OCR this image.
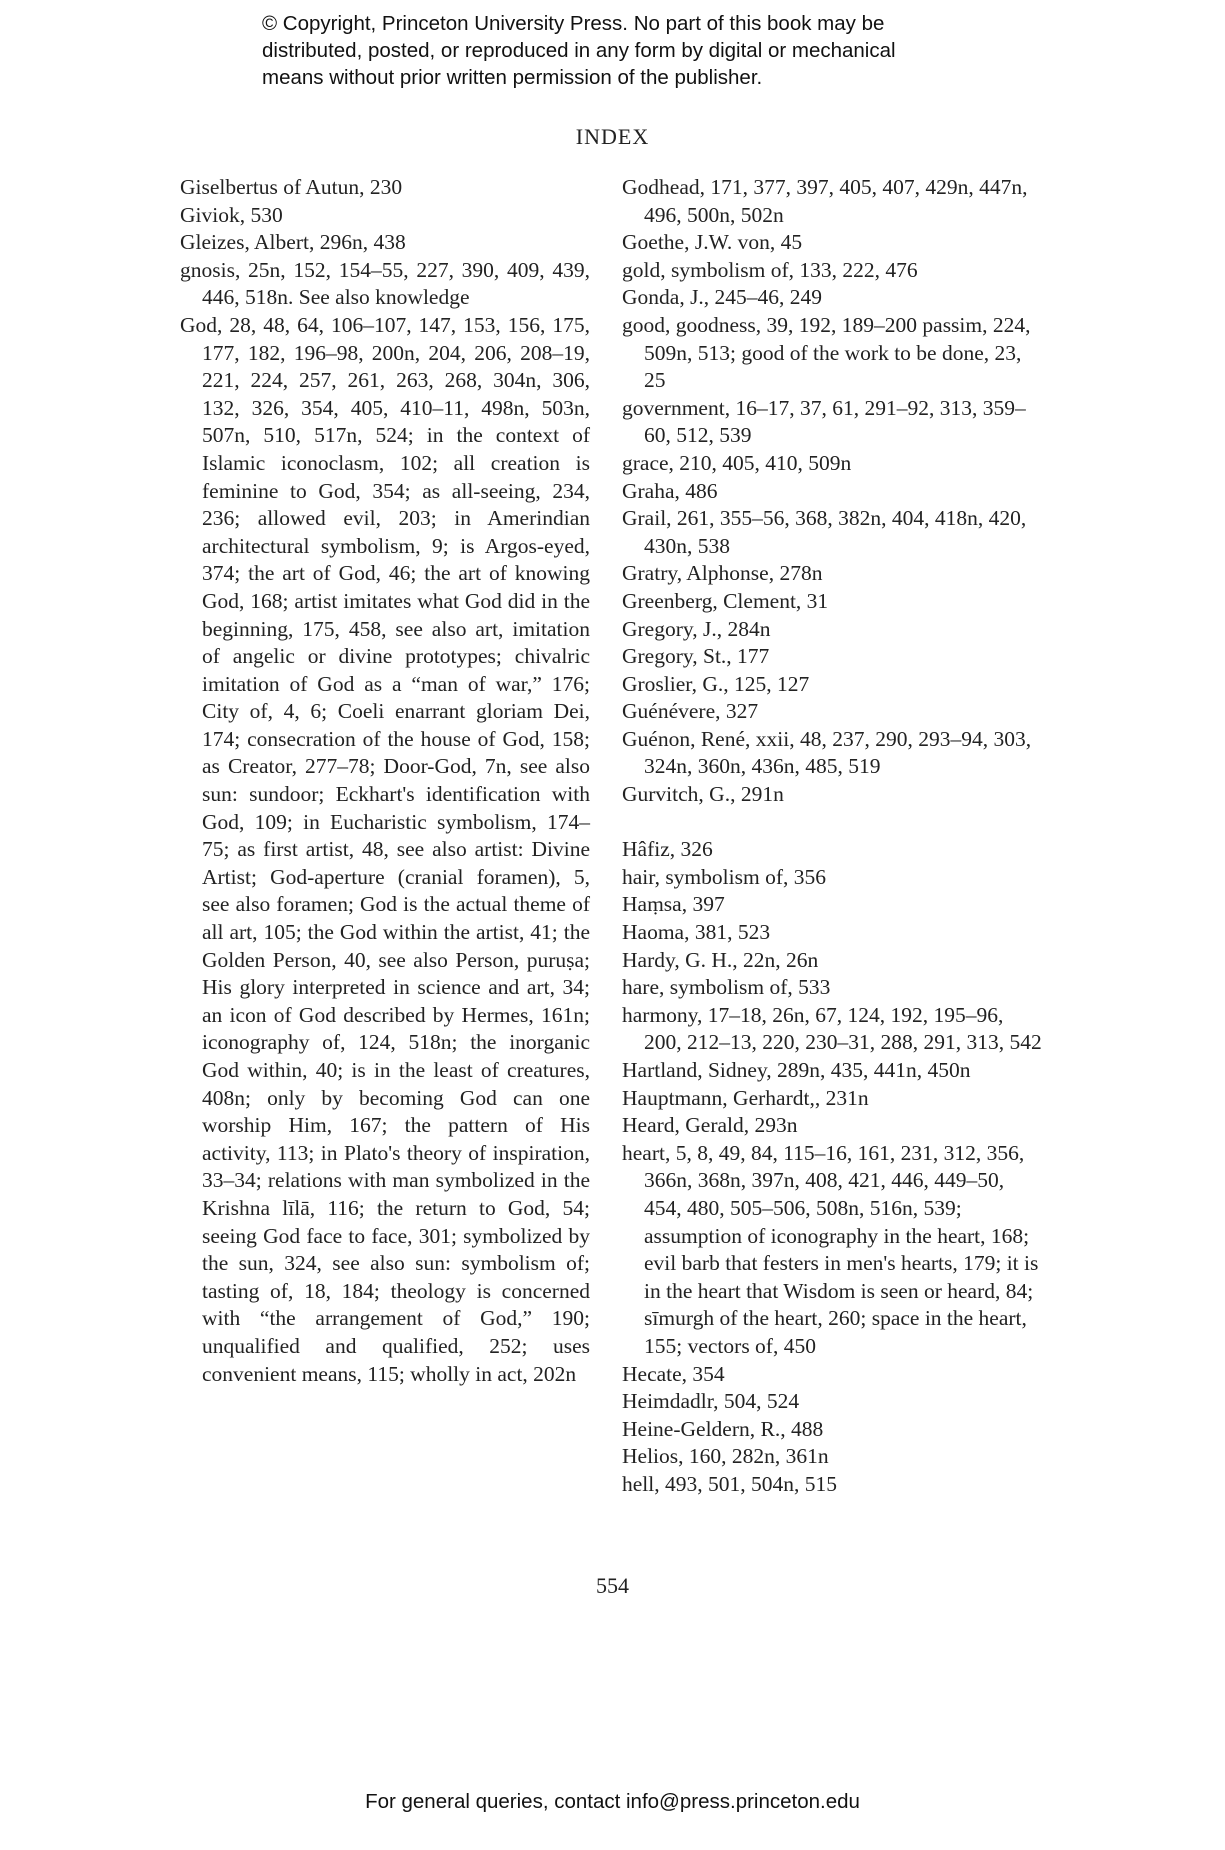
© Copyright, Princeton University Press. No part of this book may be
distributed, posted, or reproduced in any form by digital or mechanical
means without prior written permission of the publisher.
INDEX

Giselbertus of Autun, 230

Giviok, 530

Gleizes, Albert, 296n, 438

gnosis, 25n, 152, 154–55, 227, 390, 409, 439, 446, 518n. See also knowledge

God, 28, 48, 64, 106–107, 147, 153, 156, 175, 177, 182, 196–98, 200n, 204, 206, 208–19, 221, 224, 257, 261, 263, 268, 304n, 306, 132, 326, 354, 405, 410–11, 498n, 503n, 507n, 510, 517n, 524; in the context of Islamic iconoclasm, 102; all creation is feminine to God, 354; as all-seeing, 234, 236; allowed evil, 203; in Amerindian architectural symbolism, 9; is Argos-eyed, 374; the art of God, 46; the art of knowing God, 168; artist imitates what God did in the beginning, 175, 458, see also art, imitation of angelic or divine prototypes; chivalric imitation of God as a “man of war,” 176; City of, 4, 6; Coeli enarrant gloriam Dei, 174; consecration of the house of God, 158; as Creator, 277–78; Door-God, 7n, see also sun: sundoor; Eckhart's identification with God, 109; in Eucharistic symbolism, 174–75; as first artist, 48, see also artist: Divine Artist; God-aperture (cranial foramen), 5, see also foramen; God is the actual theme of all art, 105; the God within the artist, 41; the Golden Person, 40, see also Person, puruṣa; His glory interpreted in science and art, 34; an icon of God described by Hermes, 161n; iconography of, 124, 518n; the inorganic God within, 40; is in the least of creatures, 408n; only by becoming God can one worship Him, 167; the pattern of His activity, 113; in Plato's theory of inspiration, 33–34; relations with man symbolized in the Krishna līlā, 116; the return to God, 54; seeing God face to face, 301; symbolized by the sun, 324, see also sun: symbolism of; tasting of, 18, 184; theology is concerned with “the arrangement of God,” 190; unqualified and qualified, 252; uses convenient means, 115; wholly in act, 202n

Godhead, 171, 377, 397, 405, 407, 429n, 447n, 496, 500n, 502n

Goethe, J.W. von, 45

gold, symbolism of, 133, 222, 476

Gonda, J., 245–46, 249

good, goodness, 39, 192, 189–200 passim, 224, 509n, 513; good of the work to be done, 23, 25

government, 16–17, 37, 61, 291–92, 313, 359–60, 512, 539

grace, 210, 405, 410, 509n

Graha, 486

Grail, 261, 355–56, 368, 382n, 404, 418n, 420, 430n, 538

Gratry, Alphonse, 278n

Greenberg, Clement, 31

Gregory, J., 284n

Gregory, St., 177

Groslier, G., 125, 127

Guénévere, 327

Guénon, René, xxii, 48, 237, 290, 293–94, 303, 324n, 360n, 436n, 485, 519

Gurvitch, G., 291n

Hâfiz, 326

hair, symbolism of, 356

Haṃsa, 397

Haoma, 381, 523

Hardy, G. H., 22n, 26n

hare, symbolism of, 533

harmony, 17–18, 26n, 67, 124, 192, 195–96, 200, 212–13, 220, 230–31, 288, 291, 313, 542

Hartland, Sidney, 289n, 435, 441n, 450n

Hauptmann, Gerhardt,, 231n

Heard, Gerald, 293n

heart, 5, 8, 49, 84, 115–16, 161, 231, 312, 356, 366n, 368n, 397n, 408, 421, 446, 449–50, 454, 480, 505–506, 508n, 516n, 539; assumption of iconography in the heart, 168; evil barb that festers in men's hearts, 179; it is in the heart that Wisdom is seen or heard, 84; sīmurgh of the heart, 260; space in the heart, 155; vectors of, 450

Hecate, 354

Heimdadlr, 504, 524

Heine-Geldern, R., 488

Helios, 160, 282n, 361n

hell, 493, 501, 504n, 515

554
For general queries, contact info@press.princeton.edu
